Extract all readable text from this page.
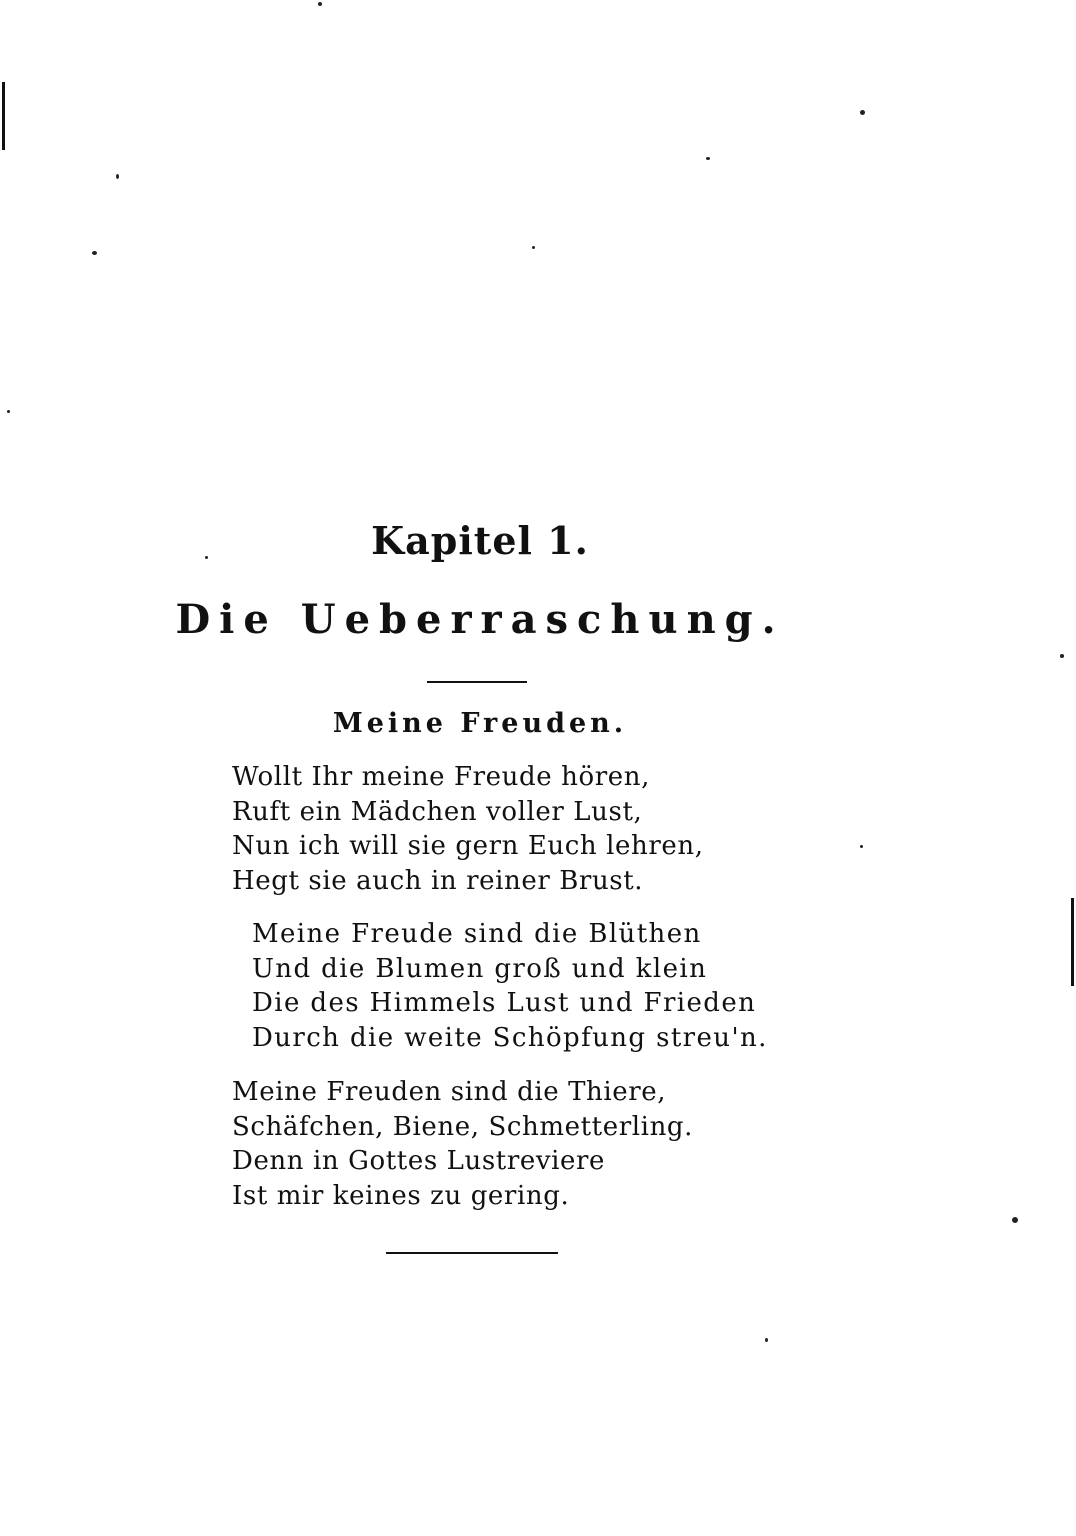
Kapitel 1.
Die Ueberraschung.
Meine Freuden.
Wollt Ihr meine Freude hören,
Ruft ein Mädchen voller Lust,
Nun ich will sie gern Euch lehren,
Hegt sie auch in reiner Brust.
Meine Freude sind die Blüthen
Und die Blumen groß und klein
Die des Himmels Lust und Frieden
Durch die weite Schöpfung streu'n.
Meine Freuden sind die Thiere,
Schäfchen, Biene, Schmetterling.
Denn in Gottes Lustreviere
Ist mir keines zu gering.
